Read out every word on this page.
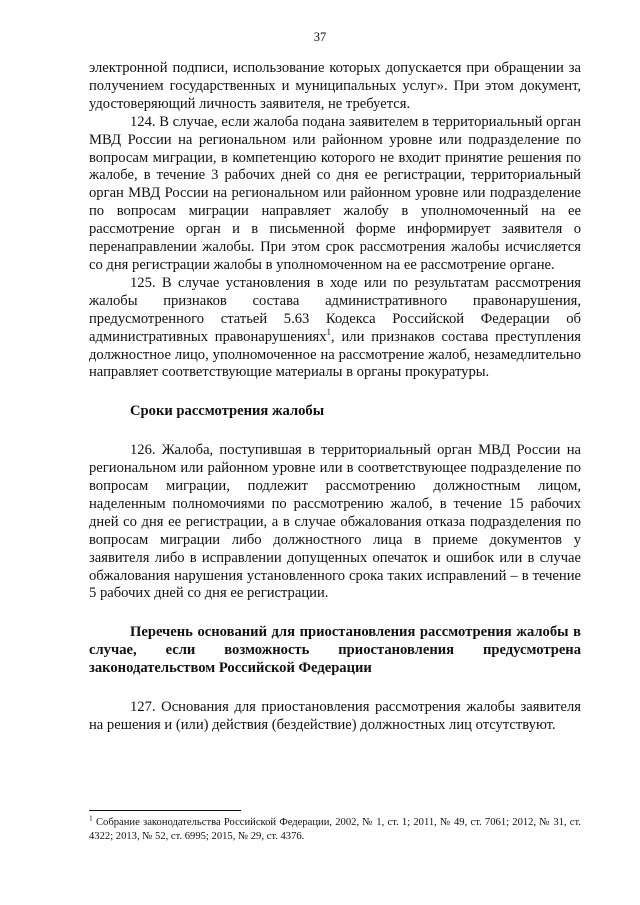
37

электронной подписи, использование которых допускается при обращении за получением государственных и муниципальных услуг». При этом документ, удостоверяющий личность заявителя, не требуется.

124. В случае, если жалоба подана заявителем в территориальный орган МВД России на региональном или районном уровне или подразделение по вопросам миграции, в компетенцию которого не входит принятие решения по жалобе, в течение 3 рабочих дней со дня ее регистрации, территориальный орган МВД России на региональном или районном уровне или подразделение по вопросам миграции направляет жалобу в уполномоченный на ее рассмотрение орган и в письменной форме информирует заявителя о перенаправлении жалобы. При этом срок рассмотрения жалобы исчисляется со дня регистрации жалобы в уполномоченном на ее рассмотрение органе.

125. В случае установления в ходе или по результатам рассмотрения жалобы признаков состава административного правонарушения, предусмотренного статьей 5.63 Кодекса Российской Федерации об административных правонарушениях$^1$, или признаков состава преступления должностное лицо, уполномоченное на рассмотрение жалоб, незамедлительно направляет соответствующие материалы в органы прокуратуры.

Сроки рассмотрения жалобы

126. Жалоба, поступившая в территориальный орган МВД России на региональном или районном уровне или в соответствующее подразделение по вопросам миграции, подлежит рассмотрению должностным лицом, наделенным полномочиями по рассмотрению жалоб, в течение 15 рабочих дней со дня ее регистрации, а в случае обжалования отказа подразделения по вопросам миграции либо должностного лица в приеме документов у заявителя либо в исправлении допущенных опечаток и ошибок или в случае обжалования нарушения установленного срока таких исправлений – в течение 5 рабочих дней со дня ее регистрации.

Перечень оснований для приостановления рассмотрения жалобы в случае, если возможность приостановления предусмотрена законодательством Российской Федерации

127. Основания для приостановления рассмотрения жалобы заявителя на решения и (или) действия (бездействие) должностных лиц отсутствуют.

$^1$ Собрание законодательства Российской Федерации, 2002, № 1, ст. 1; 2011, № 49, ст. 7061; 2012, № 31, ст. 4322; 2013, № 52, ст. 6995; 2015, № 29, ст. 4376.
